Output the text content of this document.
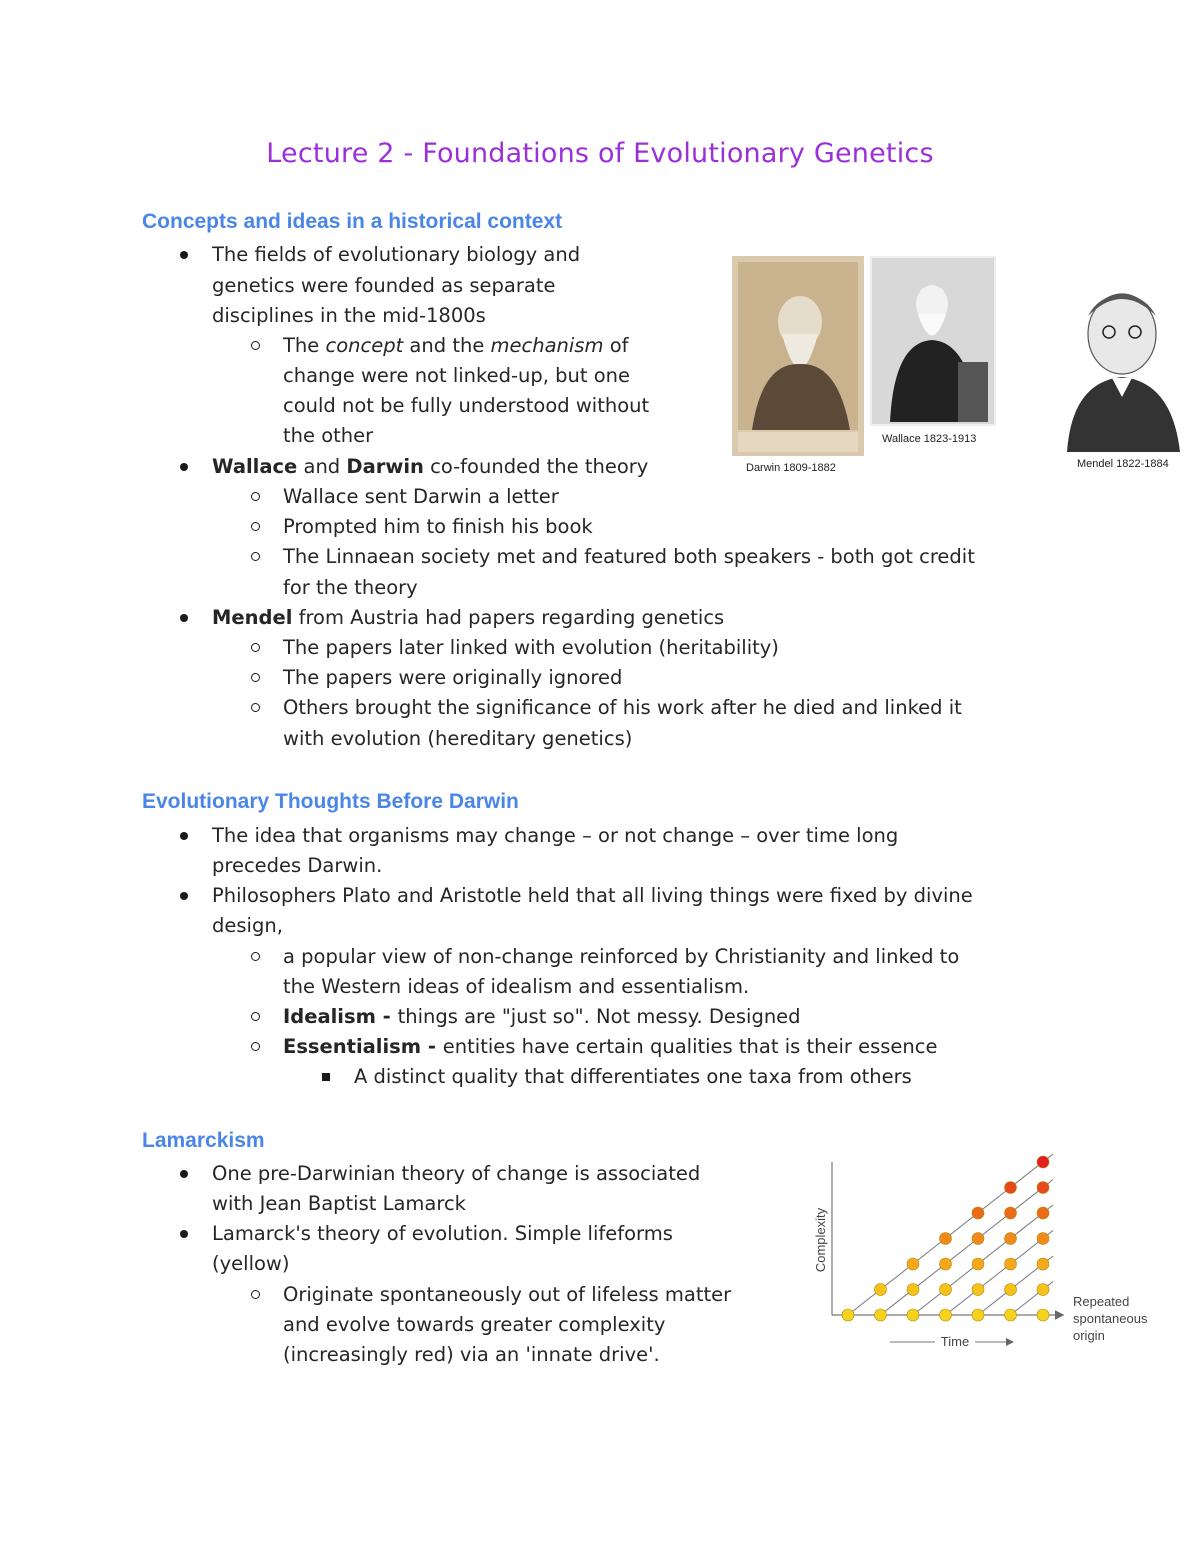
Lecture 2 - Foundations of Evolutionary Genetics
Concepts and ideas in a historical context
The fields of evolutionary biology and
genetics were founded as separate
disciplines in the mid-1800s
The concept and the mechanism of
change were not linked-up, but one
could not be fully understood without
the other
Wallace and Darwin co-founded the theory
Wallace sent Darwin a letter
Prompted him to finish his book
The Linnaean society met and featured both speakers - both got credit
for the theory
Mendel from Austria had papers regarding genetics
The papers later linked with evolution (heritability)
The papers were originally ignored
Others brought the significance of his work after he died and linked it
with evolution (hereditary genetics)
Darwin 1809-1882
Wallace 1823-1913
Mendel 1822-1884
Evolutionary Thoughts Before Darwin
The idea that organisms may change – or not change – over time long
precedes Darwin.
Philosophers Plato and Aristotle held that all living things were fixed by divine
design,
a popular view of non-change reinforced by Christianity and linked to
the Western ideas of idealism and essentialism.
Idealism - things are "just so". Not messy. Designed
Essentialism - entities have certain qualities that is their essence
A distinct quality that differentiates one taxa from others
Lamarckism
One pre-Darwinian theory of change is associated
with Jean Baptist Lamarck
Lamarck's theory of evolution. Simple lifeforms
(yellow)
Originate spontaneously out of lifeless matter
and evolve towards greater complexity
(increasingly red) via an 'innate drive'.
Complexity
Time
Repeated
spontaneous
origin
